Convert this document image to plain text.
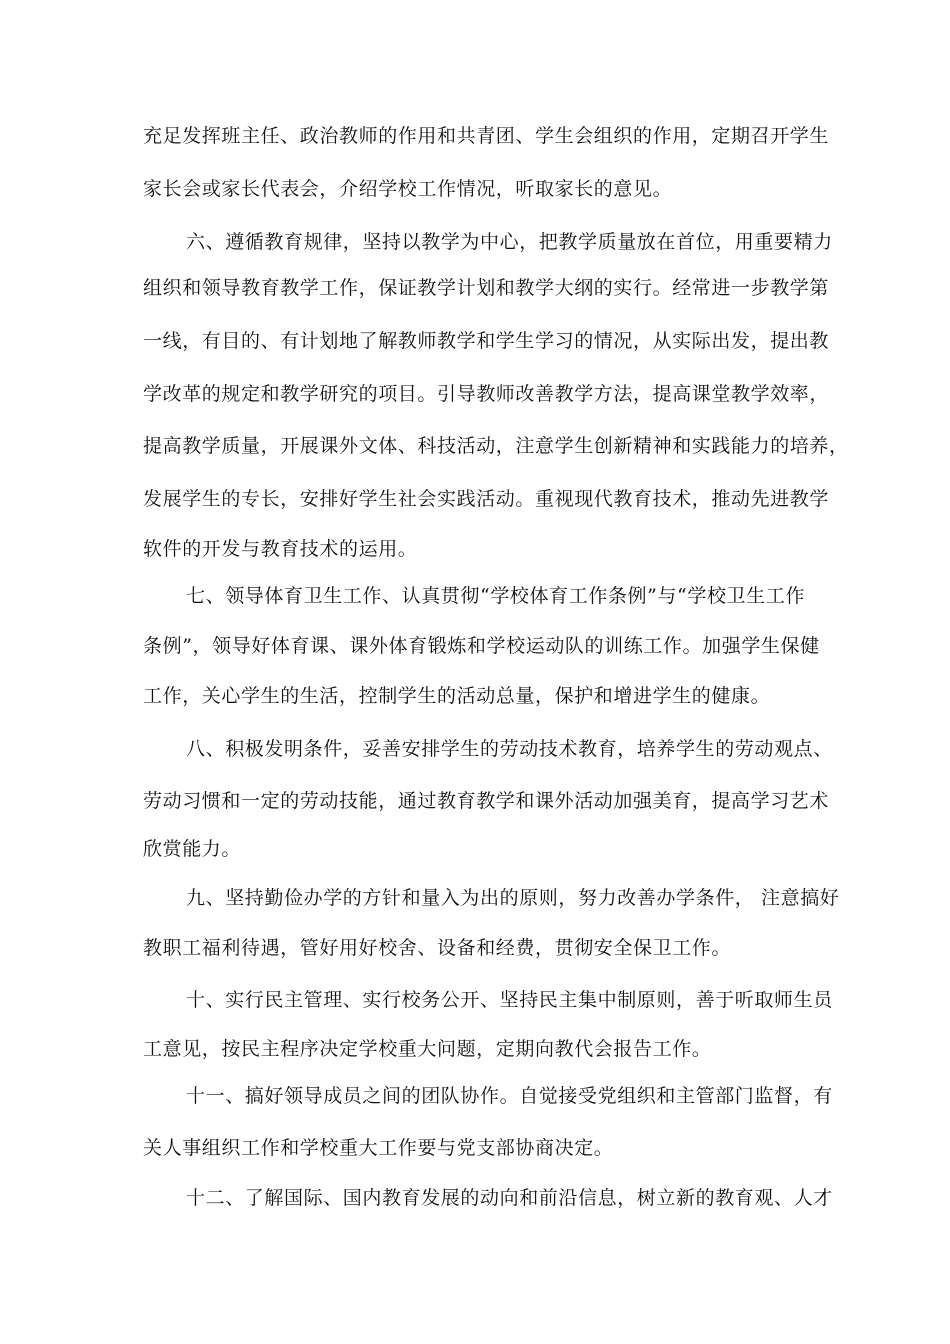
充足发挥班主任、政治教师的作用和共青团、学生会组织的作用，定期召开学生
家长会或家长代表会，介绍学校工作情况，听取家长的意见。
六、遵循教育规律，坚持以教学为中心，把教学质量放在首位，用重要精力
组织和领导教育教学工作，保证教学计划和教学大纲的实行。经常进一步教学第
一线，有目的、有计划地了解教师教学和学生学习的情况，从实际出发，提出教
学改革的规定和教学研究的项目。引导教师改善教学方法，提高课堂教学效率，
提高教学质量，开展课外文体、科技活动，注意学生创新精神和实践能力的培养，
发展学生的专长，安排好学生社会实践活动。重视现代教育技术，推动先进教学
软件的开发与教育技术的运用。
七、领导体育卫生工作、认真贯彻“学校体育工作条例”与“学校卫生工作
条例”，领导好体育课、课外体育锻炼和学校运动队的训练工作。加强学生保健
工作，关心学生的生活，控制学生的活动总量，保护和增进学生的健康。
八、积极发明条件，妥善安排学生的劳动技术教育，培养学生的劳动观点、
劳动习惯和一定的劳动技能，通过教育教学和课外活动加强美育，提高学习艺术
欣赏能力。
九、坚持勤俭办学的方针和量入为出的原则，努力改善办学条件， 注意搞好
教职工福利待遇，管好用好校舍、设备和经费，贯彻安全保卫工作。
十、实行民主管理、实行校务公开、坚持民主集中制原则，善于听取师生员
工意见，按民主程序决定学校重大问题，定期向教代会报告工作。
十一、搞好领导成员之间的团队协作。自觉接受党组织和主管部门监督，有
关人事组织工作和学校重大工作要与党支部协商决定。
十二、了解国际、国内教育发展的动向和前沿信息，树立新的教育观、人才
